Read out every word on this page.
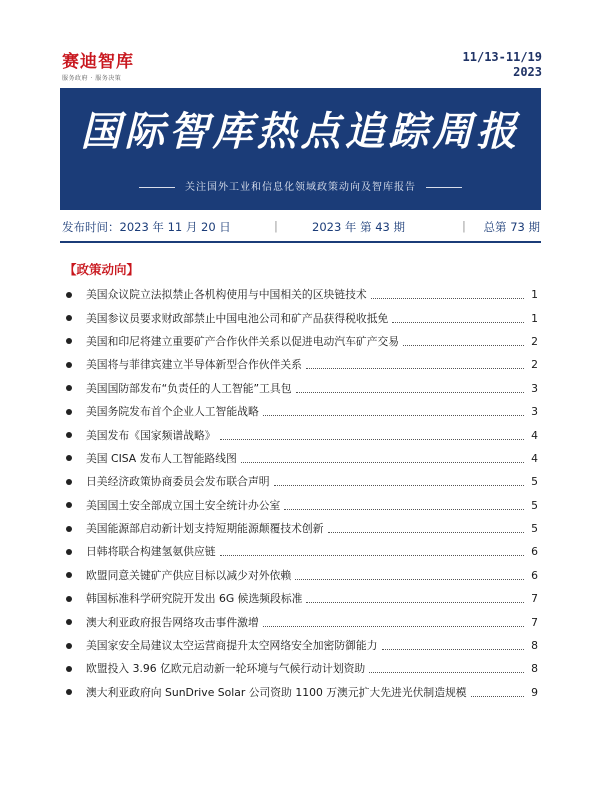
赛迪智库
服务政府 · 服务决策
11/13-11/19
2023
国际智库热点追踪周报
关注国外工业和信息化领域政策动向及智库报告
发布时间：2023 年 11 月 20 日	|	2023 年 第 43 期	| 总第 73 期
【政策动向】
美国众议院立法拟禁止各机构使用与中国相关的区块链技术	1
美国参议员要求财政部禁止中国电池公司和矿产品获得税收抵免	1
美国和印尼将建立重要矿产合作伙伴关系以促进电动汽车矿产交易	2
美国将与菲律宾建立半导体新型合作伙伴关系	2
美国国防部发布“负责任的人工智能”工具包	3
美国务院发布首个企业人工智能战略	3
美国发布《国家频谱战略》	4
美国 CISA 发布人工智能路线图	4
日美经济政策协商委员会发布联合声明	5
美国国土安全部成立国土安全统计办公室	5
美国能源部启动新计划支持短期能源颠覆技术创新	5
日韩将联合构建氢氨供应链	6
欧盟同意关键矿产供应目标以减少对外依赖	6
韩国标准科学研究院开发出 6G 候选频段标准	7
澳大利亚政府报告网络攻击事件激增	7
美国家安全局建议太空运营商提升太空网络安全加密防御能力	8
欧盟投入 3.96 亿欧元启动新一轮环境与气候行动计划资助	8
澳大利亚政府向 SunDrive Solar 公司资助 1100 万澳元扩大先进光伏制造规模	9
